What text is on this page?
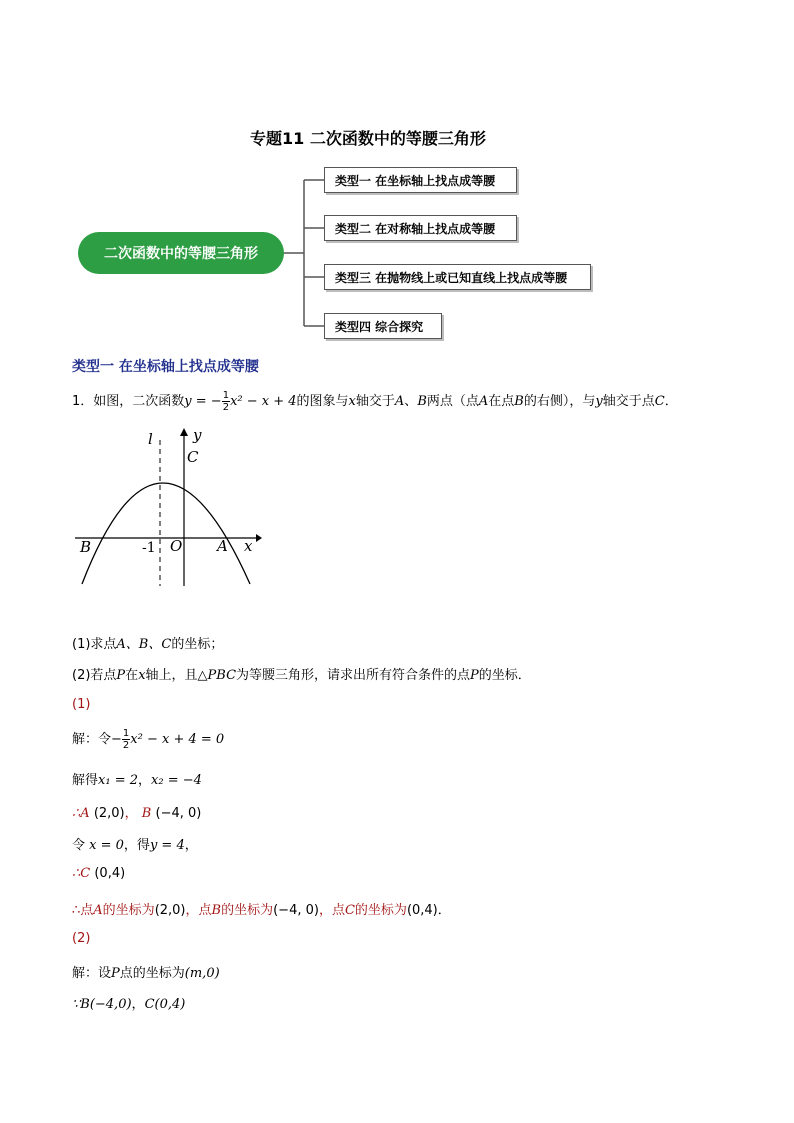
专题11 二次函数中的等腰三角形
二次函数中的等腰三角形
类型一 在坐标轴上找点成等腰
类型二 在对称轴上找点成等腰
类型三 在抛物线上或已知直线上找点成等腰
类型四 综合探究
类型一 在坐标轴上找点成等腰
1．如图，二次函数y = − $\frac{1}{2} x^2 - x + 4$的图象与x轴交于A、B两点（点A在点B的右侧），与y轴交于点C．
l	y
C
B	-1 O A x
(1)求点A、B、C的坐标；
(2)若点P在x轴上，且△PBC为等腰三角形，请求出所有符合条件的点P的坐标．
(1)
解：令− $\frac{1}{2} x^2 - x + 4 = 0$
解得x₁ = 2，x₂ = −4
∴A (2,0)， B (−4, 0)
令 x = 0，得y = 4，
∴C (0,4)
∴点A的坐标为(2,0)，点B的坐标为(−4, 0)，点C的坐标为(0,4)．
(2)
解：设P点的坐标为(m,0)
∵B(−4,0)，C(0,4)
